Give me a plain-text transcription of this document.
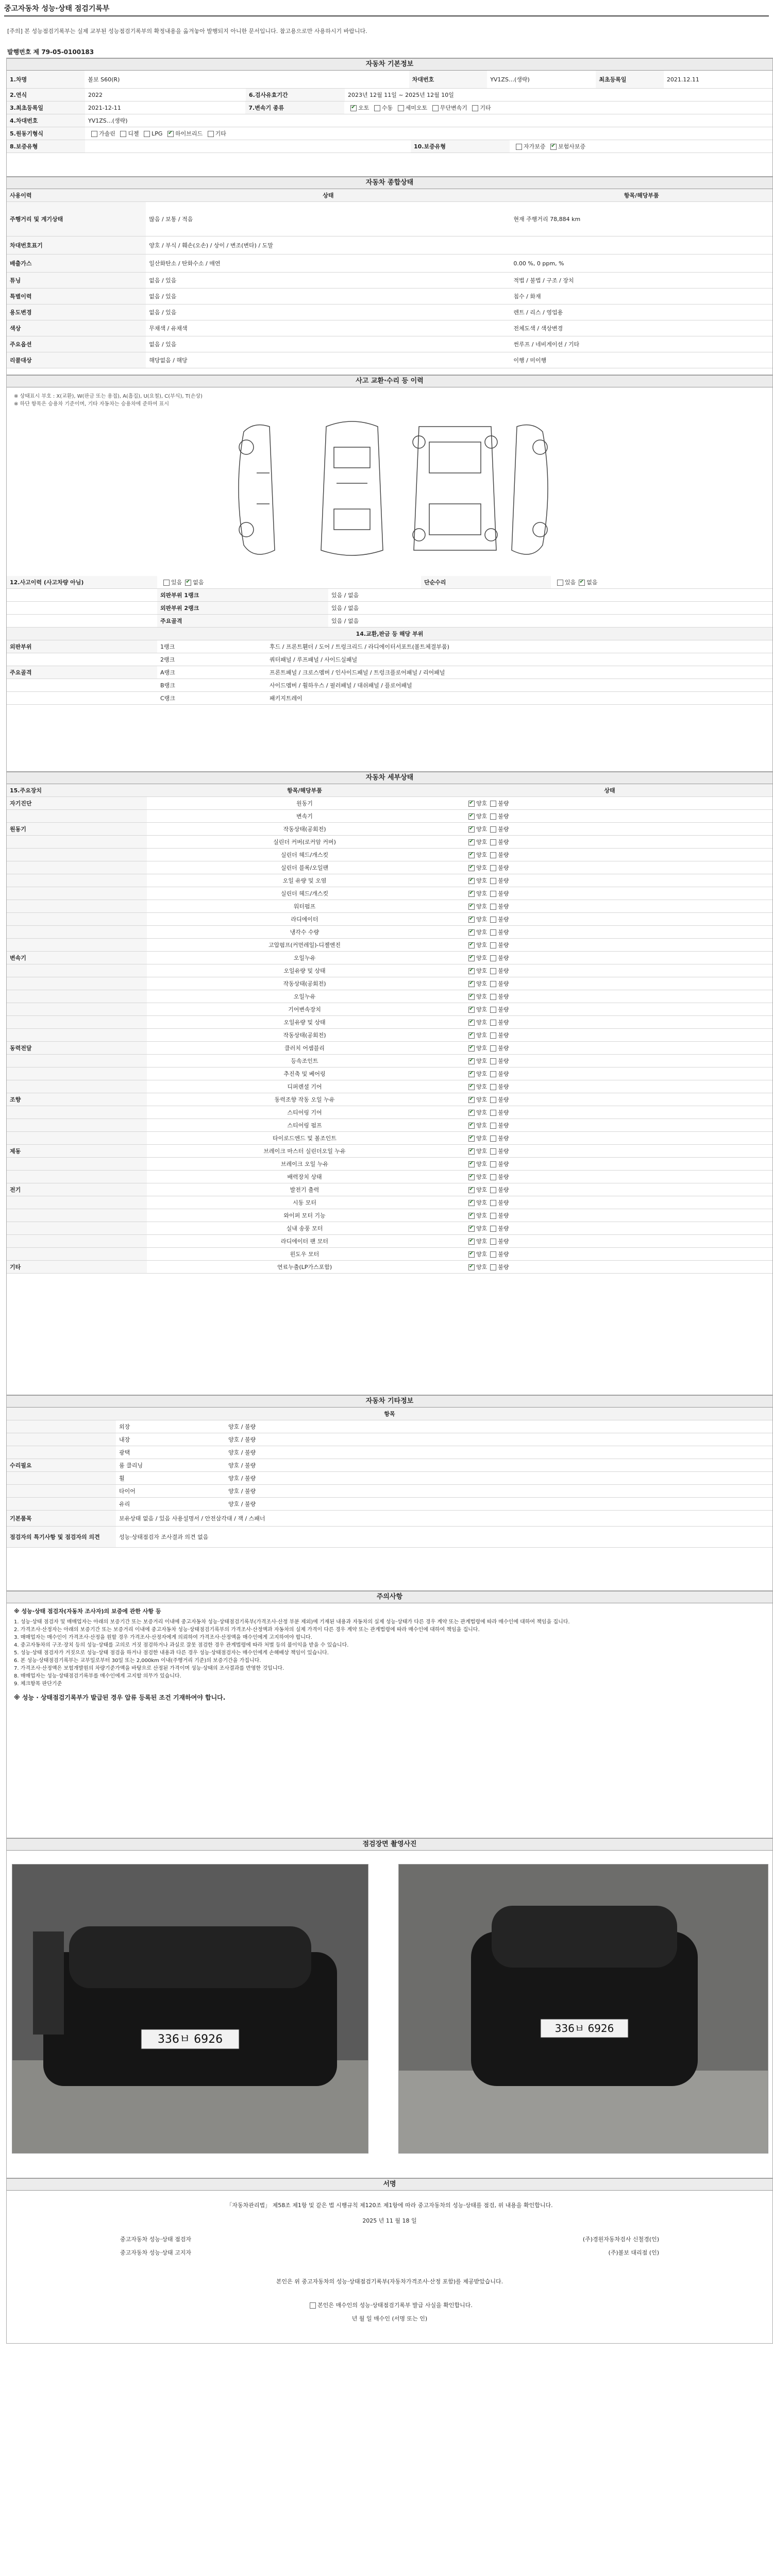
중고자동차 성능·상태 점검기록부
[주의] 본 성능점검기록부는 실제 교부된 성능점검기록부의 확정내용을 옮겨놓아 발행되지 아니한 문서입니다. 참고용으로만 사용하시기 바랍니다.
발행번호 제 79-05-0100183
자동차 기본정보
1.차명	볼보 S60(R)	차대번호	YV1ZS…(생략)	최초등록일	2021.12.11
2.연식	2022	6.검사유효기간	2023년 12월 11일 ~ 2025년 12월 10일
3.최초등록일	2021-12-11	7.변속기 종류 ✔	오토 수동 세미오토 무단변속기 기타
4.차대번호	YV1ZS…(생략)
5.원동기형식	가솔린 디젤 LPG ✔ 하이브리드 기타
8.보증유형	10.보증유형	자가보증 ✔ 보험사보증
자동차 종합상태
사용이력	상태	항목/해당부품
주행거리 및 계기상태	많음 / 보통 / 적음	현재 주행거리 78,884 km
차대번호표기	양호 / 부식 / 훼손(오손) / 상이 / 변조(변타) / 도말
배출가스	일산화탄소 / 탄화수소 / 매연	0.00 %, 0 ppm, %
튜닝	없음 / 있음	적법 / 불법 / 구조 / 장치
특별이력	없음 / 있음	침수 / 화재
용도변경	없음 / 있음	렌트 / 리스 / 영업용
색상	무채색 / 유채색	전체도색 / 색상변경
주요옵션	없음 / 있음	썬루프 / 네비게이션 / 기타
리콜대상	해당없음 / 해당	이행 / 미이행
사고 교환·수리 등 이력
※ 상태표시 부호 : X(교환), W(판금 또는 용접), A(흠집), U(요철), C(부식), T(손상)
※ 하단 항목은 승용차 기준이며, 기타 자동차는 승용차에 준하여 표시
12.사고이력 (사고차량 아님)	있음 ✔ 없음	단순수리	있음 ✔ 없음
외판부위 1랭크	있음 / 없음
외판부위 2랭크	있음 / 없음
주요골격	있음 / 없음
14.교환,판금 등 해당 부위
외판부위	1랭크	후드 / 프론트휀더 / 도어 / 트렁크리드 / 라디에이터서포트(볼트체결부품)
2랭크	쿼터패널 / 루프패널 / 사이드실패널
주요골격	A랭크	프론트패널 / 크로스멤버 / 인사이드패널 / 트렁크플로어패널 / 리어패널
B랭크	사이드멤버 / 휠하우스 / 필러패널 / 대쉬패널 / 플로어패널
C랭크	패키지트레이
자동차 세부상태
15.주요장치	항목/해당부품	상태
자기진단	원동기 ✔	양호 불량
변속기 ✔	양호 불량
원동기	작동상태(공회전) ✔	양호 불량
실린더 커버(로커암 커버) ✔	양호 불량
실린더 헤드/개스킷 ✔	양호 불량
실린더 블록/오일팬 ✔	양호 불량
오일 유량 및 오염 ✔	양호 불량
실린더 헤드/개스킷 ✔	양호 불량
워터펌프 ✔	양호 불량
라디에이터 ✔	양호 불량
냉각수 수량 ✔	양호 불량
고압펌프(커먼레일)-디젤엔진 ✔	양호 불량
변속기	오일누유 ✔	양호 불량
오일유량 및 상태 ✔	양호 불량
작동상태(공회전) ✔	양호 불량
오일누유 ✔	양호 불량
기어변속장치 ✔	양호 불량
오일유량 및 상태 ✔	양호 불량
작동상태(공회전) ✔	양호 불량
동력전달	클러치 어셈블리 ✔	양호 불량
등속조인트 ✔	양호 불량
추진축 및 베어링 ✔	양호 불량
디퍼렌셜 기어 ✔	양호 불량
조향	동력조향 작동 오일 누유 ✔	양호 불량
스티어링 기어 ✔	양호 불량
스티어링 펌프 ✔	양호 불량
타이로드엔드 및 볼조인트 ✔	양호 불량
제동	브레이크 마스터 실린더오일 누유 ✔	양호 불량
브레이크 오일 누유 ✔	양호 불량
배력장치 상태 ✔	양호 불량
전기	발전기 출력 ✔	양호 불량
시동 모터 ✔	양호 불량
와이퍼 모터 기능 ✔	양호 불량
실내 송풍 모터 ✔	양호 불량
라디에이터 팬 모터 ✔	양호 불량
윈도우 모터 ✔	양호 불량
기타	연료누출(LP가스포함) ✔	양호 불량
자동차 기타정보
항목
외장	양호 / 불량
내장	양호 / 불량
광택	양호 / 불량
수리필요	룸 클리닝	양호 / 불량
휠	양호 / 불량
타이어	양호 / 불량
유리	양호 / 불량
기본품목	보유상태 없음 / 있음 사용설명서 / 안전삼각대 / 잭 / 스패너
점검자의 특기사항 및 점검자의 의견	성능·상태점검자 조사결과 의견 없음
주의사항
※ 성능·상태 점검자(자동차 조사자)의 보증에 관한 사항 등
1. 성능·상태 점검자 및 매매업자는 아래의 보증기간 또는 보증거리 이내에 중고자동차 성능·상태점검기록부(가격조사·산정 부분 제외)에 기재된 내용과 자동차의 실제 성능·상태가 다른 경우 계약 또는 관계법령에 따라 매수인에 대하여 책임을 집니다.
2. 가격조사·산정자는 아래의 보증기간 또는 보증거리 이내에 중고자동차 성능·상태점검기록부의 가격조사·산정액과 자동차의 실제 가격이 다른 경우 계약 또는 관계법령에 따라 매수인에 대하여 책임을 집니다.
3. 매매업자는 매수인이 가격조사·산정을 원할 경우 가격조사·산정자에게 의뢰하여 가격조사·산정액을 매수인에게 고지하여야 합니다.
4. 중고자동차의 구조·장치 등의 성능·상태를 고의로 거짓 점검하거나 과실로 잘못 점검한 경우 관계법령에 따라 처벌 등의 불이익을 받을 수 있습니다.
5. 성능·상태 점검자가 거짓으로 성능·상태 점검을 하거나 점검한 내용과 다른 경우 성능·상태점검자는 매수인에게 손해배상 책임이 있습니다.
6. 본 성능·상태점검기록부는 교부일로부터 30일 또는 2,000km 이내(주행거리 기준)의 보증기간을 가집니다.
7. 가격조사·산정액은 보험개발원의 차량기준가액을 바탕으로 산정된 가격이며 성능·상태의 조사결과를 반영한 것입니다.
8. 매매업자는 성능·상태점검기록부를 매수인에게 고지할 의무가 있습니다.
9. 체크항목 판단기준
※ 성능 · 상태점검기록부가 발급된 경우 압류 등록된 조건 기재하여야 합니다.
점검장면 촬영사진
336ㅂ 6926
336ㅂ 6926
서명
「자동차관리법」 제58조 제1항 및 같은 법 시행규칙 제120조 제1항에 따라 중고자동차의 성능·상태를 점검, 위 내용을 확인합니다.
2025 년 11 월 18 일
중고자동차 성능·상태 점검자	(주)경원자동차검사 신철경(인)
중고자동차 성능·상태 고지자	(주)볼보 대리점 (인)
본인은 위 중고자동차의 성능·상태점검기록부(자동차가격조사·산정 포함)를 제공받았습니다.
본인은 매수인의 성능·상태점검기록부 발급 사실을 확인합니다.
년 월 일 매수인 (서명 또는 인)
